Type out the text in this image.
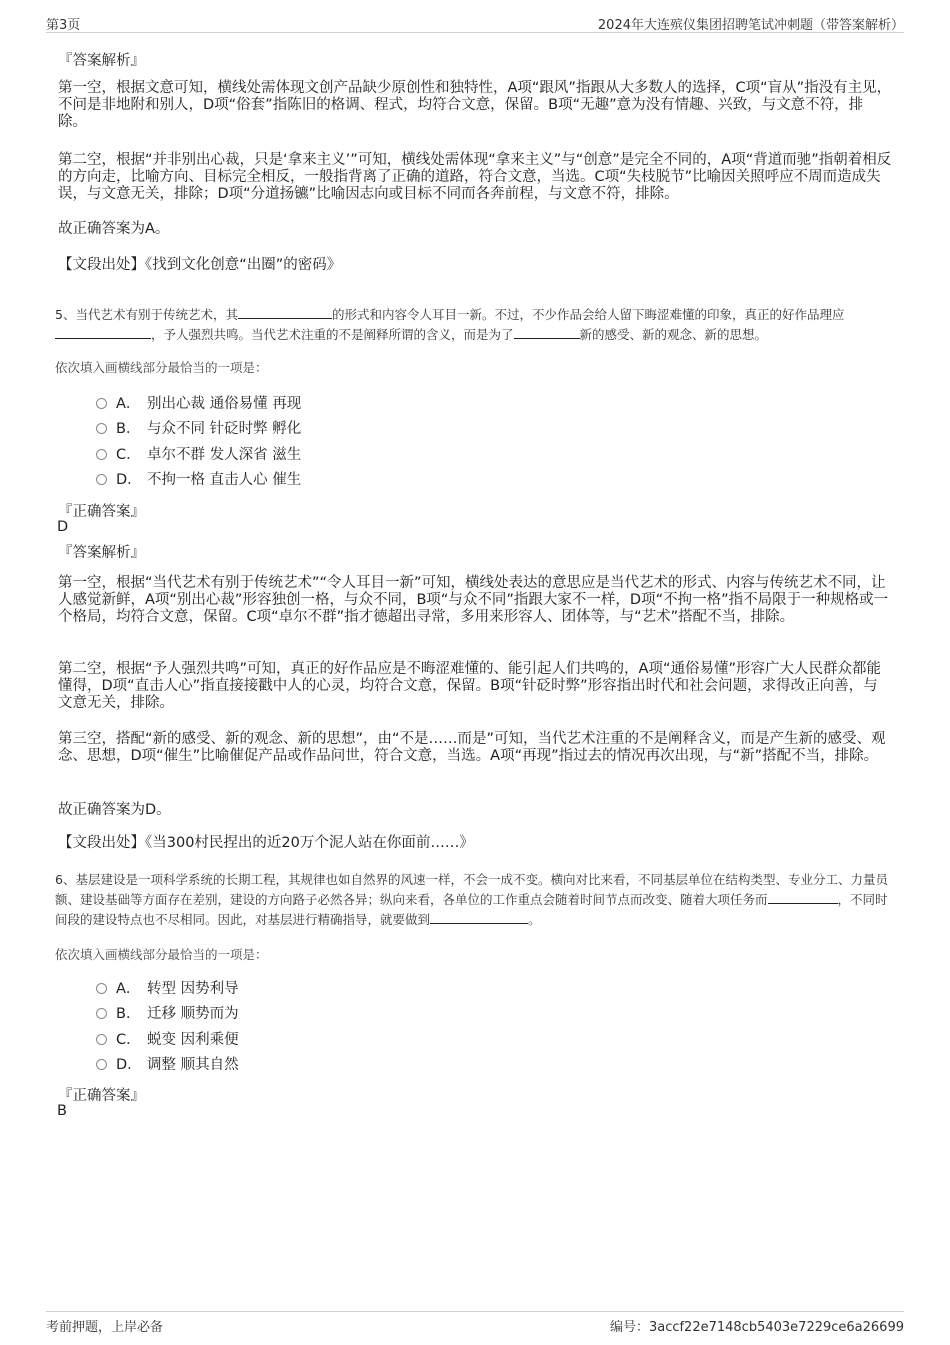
第3页	2024年大连殡仪集团招聘笔试冲刺题（带答案解析）
『答案解析』

第一空，根据文意可知，横线处需体现文创产品缺少原创性和独特性，A项“跟风”指跟从大多数人的选择，C项“盲从”指没有主见，不问是非地附和别人，D项“俗套”指陈旧的格调、程式，均符合文意，保留。B项“无趣”意为没有情趣、兴致，与文意不符，排除。

第二空，根据“并非别出心裁，只是‘拿来主义’”可知，横线处需体现“拿来主义”与“创意”是完全不同的，A项“背道而驰”指朝着相反的方向走，比喻方向、目标完全相反，一般指背离了正确的道路，符合文意，当选。C项“失枝脱节”比喻因关照呼应不周而造成失误，与文意无关，排除；D项“分道扬镳”比喻因志向或目标不同而各奔前程，与文意不符，排除。

故正确答案为A。

【文段出处】《找到文化创意“出圈”的密码》

5、当代艺术有别于传统艺术，其	的形式和内容令人耳目一新。不过，不少作品会给人留下晦涩难懂的印象，真正的好作品理应，予人强烈共鸣。当代艺术注重的不是阐释所谓的含义，而是为了	新的感受、新的观念、新的思想。

依次填入画横线部分最恰当的一项是：
A． 别出心裁 通俗易懂 再现
B． 与众不同 针砭时弊 孵化
C． 卓尔不群 发人深省 滋生
D． 不拘一格 直击人心 催生
『正确答案』
D
『答案解析』

第一空，根据“当代艺术有别于传统艺术”“令人耳目一新”可知，横线处表达的意思应是当代艺术的形式、内容与传统艺术不同，让人感觉新鲜，A项“别出心裁”形容独创一格，与众不同，B项“与众不同”指跟大家不一样，D项“不拘一格”指不局限于一种规格或一个格局，均符合文意，保留。C项“卓尔不群”指才德超出寻常，多用来形容人、团体等，与“艺术”搭配不当，排除。

第二空，根据“予人强烈共鸣”可知，真正的好作品应是不晦涩难懂的、能引起人们共鸣的，A项“通俗易懂”形容广大人民群众都能懂得，D项“直击人心”指直接接戳中人的心灵，均符合文意，保留。B项“针砭时弊”形容指出时代和社会问题，求得改正向善，与文意无关，排除。

第三空，搭配“新的感受、新的观念、新的思想”，由“不是……而是”可知，当代艺术注重的不是阐释含义，而是产生新的感受、观念、思想，D项“催生”比喻催促产品或作品问世，符合文意，当选。A项“再现”指过去的情况再次出现，与“新”搭配不当，排除。

故正确答案为D。

【文段出处】《当300村民捏出的近20万个泥人站在你面前……》

6、基层建设是一项科学系统的长期工程，其规律也如自然界的风速一样，不会一成不变。横向对比来看，不同基层单位在结构类型、专业分工、力量员额、建设基础等方面存在差别，建设的方向路子必然各异；纵向来看，各单位的工作重点会随着时间节点而改变、随着大项任务而	，不同时间段的建设特点也不尽相同。因此，对基层进行精确指导，就要做到	。

依次填入画横线部分最恰当的一项是：
A． 转型 因势利导
B． 迁移 顺势而为
C． 蜕变 因利乘便
D． 调整 顺其自然
『正确答案』
B
考前押题，上岸必备	编号：3accf22e7148cb5403e7229ce6a26699
